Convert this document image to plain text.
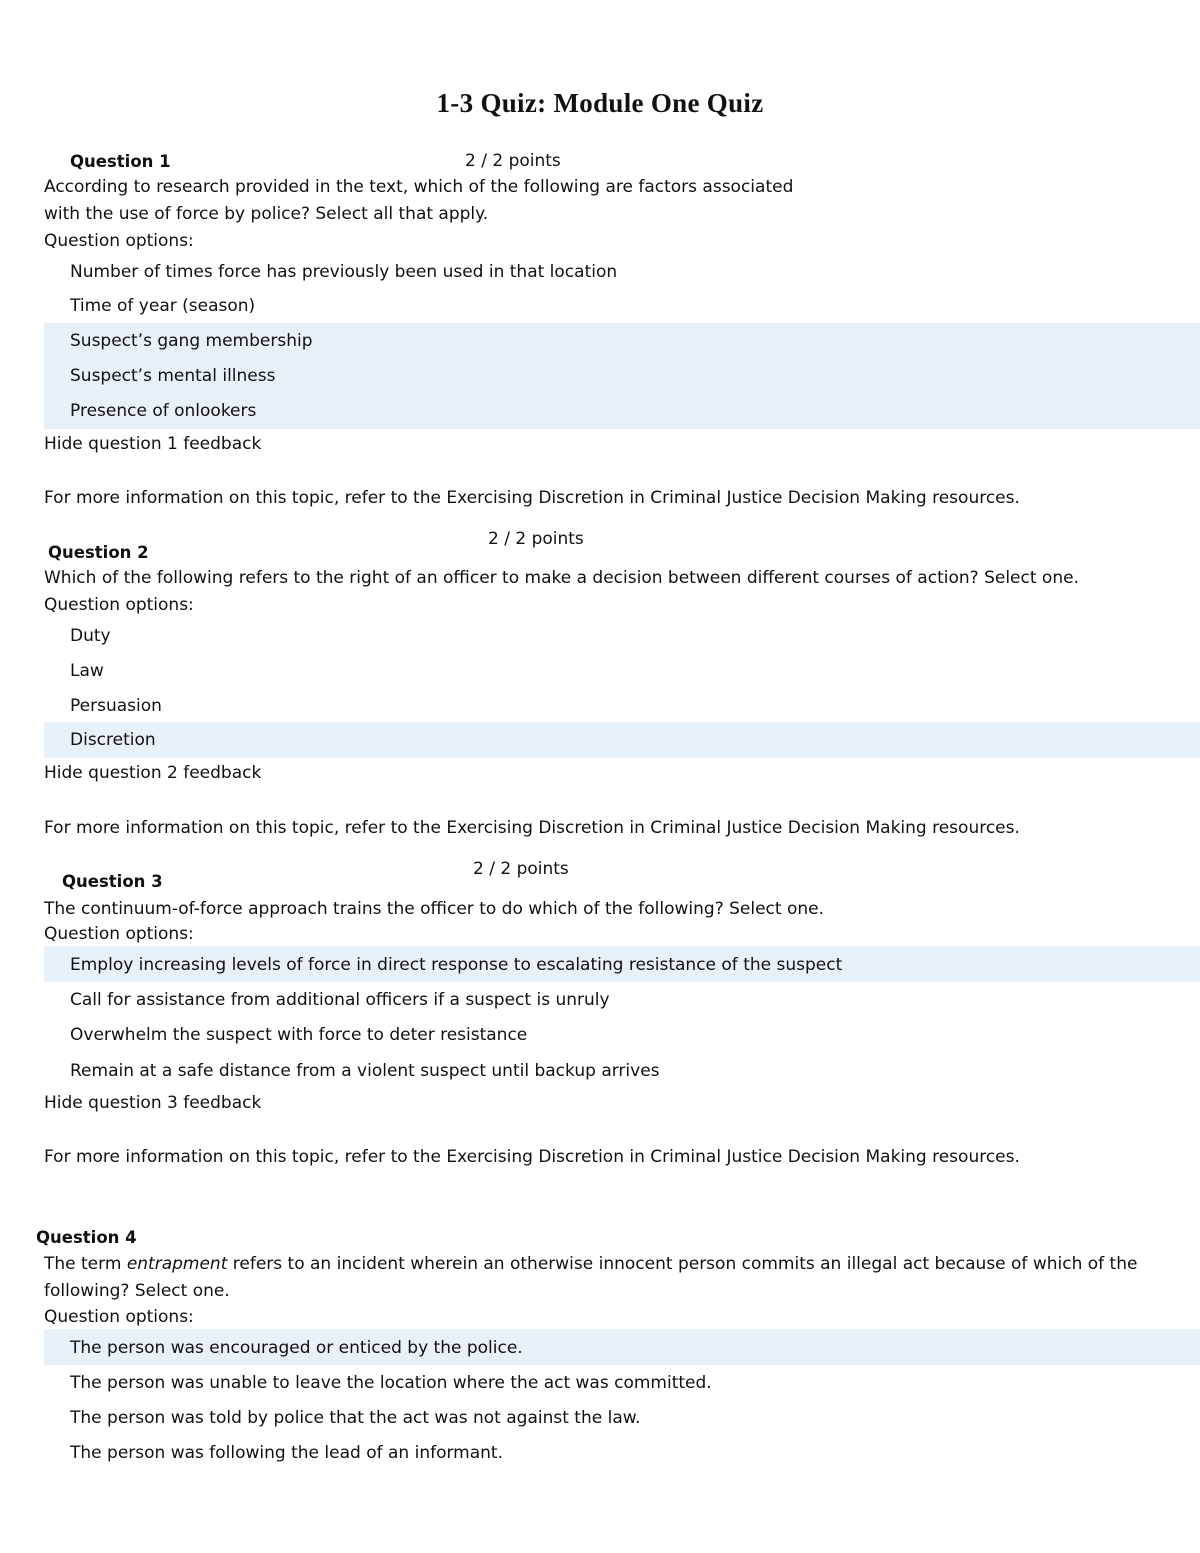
1-3 Quiz: Module One Quiz
Question 1	2 / 2 points
According to research provided in the text, which of the following are factors associated
with the use of force by police? Select all that apply.
Question options:
Number of times force has previously been used in that location
Time of year (season)
Suspect’s gang membership
Suspect’s mental illness
Presence of onlookers
Hide question 1 feedback
For more information on this topic, refer to the Exercising Discretion in Criminal Justice Decision Making resources.
2 / 2 points
Question 2
Which of the following refers to the right of an officer to make a decision between different courses of action? Select one.
Question options:
Duty
Law
Persuasion
Discretion
Hide question 2 feedback
For more information on this topic, refer to the Exercising Discretion in Criminal Justice Decision Making resources.
2 / 2 points
Question 3
The continuum-of-force approach trains the officer to do which of the following? Select one.
Question options:
Employ increasing levels of force in direct response to escalating resistance of the suspect
Call for assistance from additional officers if a suspect is unruly
Overwhelm the suspect with force to deter resistance
Remain at a safe distance from a violent suspect until backup arrives
Hide question 3 feedback
For more information on this topic, refer to the Exercising Discretion in Criminal Justice Decision Making resources.
Question 4
The term entrapment refers to an incident wherein an otherwise innocent person commits an illegal act because of which of the
following? Select one.
Question options:
The person was encouraged or enticed by the police.
The person was unable to leave the location where the act was committed.
The person was told by police that the act was not against the law.
The person was following the lead of an informant.
